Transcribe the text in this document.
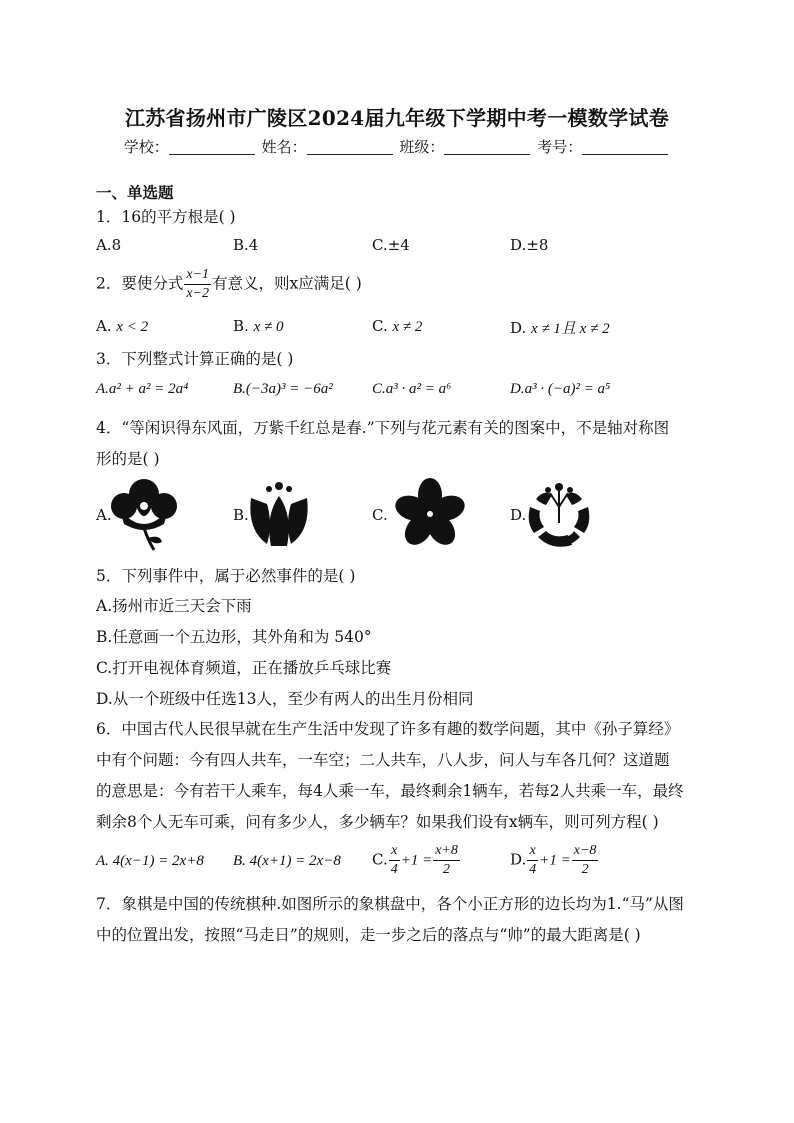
江苏省扬州市广陵区2024届九年级下学期中考一模数学试卷
学校：	姓名：	班级：	考号：
一、单选题
1．16的平方根是( )
A.8	B.4	C.±4	D.±8
2．要使分式 $\frac{x-1}{x-2}$ 有意义，则x应满足( )
A. x < 2	B. x ≠ 0	C. x ≠ 2	D. x ≠ 1且 x ≠ 2
3．下列整式计算正确的是( )
A.a² + a² = 2a⁴	B.(−3a)³ = −6a²	C.a³ · a² = a⁶	D.a³ · (−a)² = a⁵
4．“等闲识得东风面，万紫千红总是春.”下列与花元素有关的图案中，不是轴对称图
形的是( )
A.	B.	C.	D.
5．下列事件中，属于必然事件的是( )
A.扬州市近三天会下雨
B.任意画一个五边形，其外角和为 540°
C.打开电视体育频道，正在播放乒乓球比赛
D.从一个班级中任选13人，至少有两人的出生月份相同
6．中国古代人民很早就在生产生活中发现了许多有趣的数学问题，其中《孙子算经》
中有个问题：今有四人共车，一车空；二人共车，八人步，问人与车各几何？这道题
的意思是：今有若干人乘车，每4人乘一车，最终剩余1辆车，若每2人共乘一车，最终
剩余8个人无车可乘，问有多少人，多少辆车？如果我们设有x辆车，则可列方程( )
A. 4(x−1) = 2x+8 B. 4(x+1) = 2x−8 C. $\frac{x}{4} +1 = \frac{x+8}{2}$	D. $\frac{x}{4} +1 = \frac{x-8}{2}$
7．象棋是中国的传统棋种.如图所示的象棋盘中，各个小正方形的边长均为1.“马”从图
中的位置出发，按照“马走日”的规则，走一步之后的落点与“帅”的最大距离是( )
